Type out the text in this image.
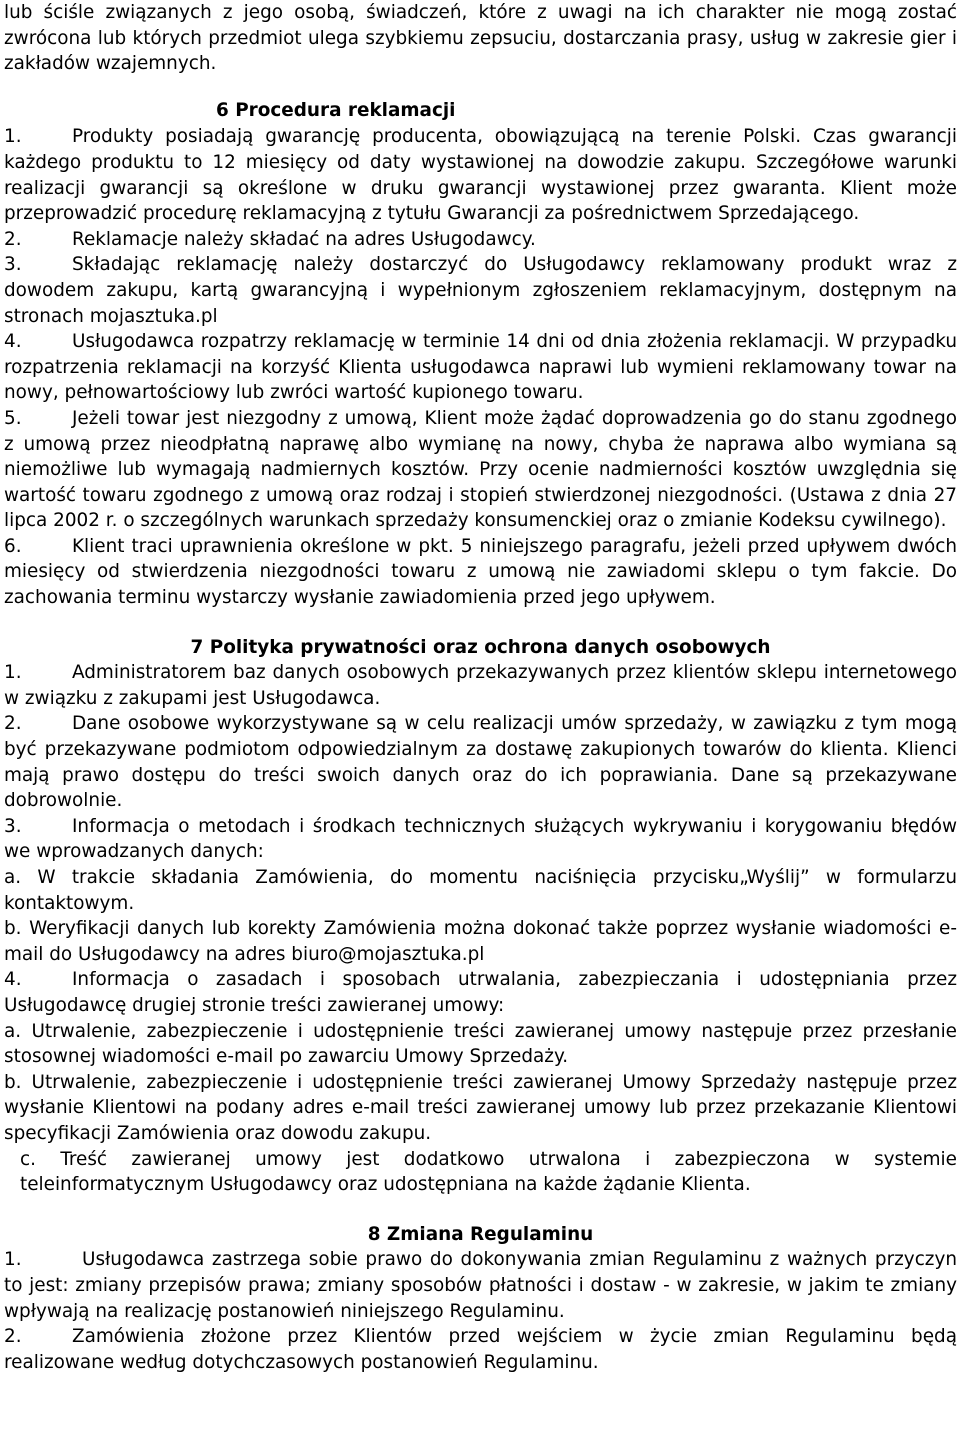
lub ściśle związanych z jego osobą, świadczeń, które z uwagi na ich charakter nie mogą zostać zwrócona lub których przedmiot ulega szybkiemu zepsuciu, dostarczania prasy, usług w zakresie gier i zakładów wzajemnych.

6 Procedura reklamacji

1.	Produkty posiadają gwarancję producenta, obowiązującą na terenie Polski. Czas gwarancji każdego produktu to 12 miesięcy od daty wystawionej na dowodzie zakupu. Szczegółowe warunki realizacji gwarancji są określone w druku gwarancji wystawionej przez gwaranta. Klient może przeprowadzić procedurę reklamacyjną z tytułu Gwarancji za pośrednictwem Sprzedającego.

2.	Reklamacje należy składać na adres Usługodawcy.

3.	Składając reklamację należy dostarczyć do Usługodawcy reklamowany produkt wraz z dowodem zakupu, kartą gwarancyjną i wypełnionym zgłoszeniem reklamacyjnym, dostępnym na stronach mojasztuka.pl

4.	Usługodawca rozpatrzy reklamację w terminie 14 dni od dnia złożenia reklamacji. W przypadku rozpatrzenia reklamacji na korzyść Klienta usługodawca naprawi lub wymieni reklamowany towar na nowy, pełnowartościowy lub zwróci wartość kupionego towaru.

5.	Jeżeli towar jest niezgodny z umową, Klient może żądać doprowadzenia go do stanu zgodnego z umową przez nieodpłatną naprawę albo wymianę na nowy, chyba że naprawa albo wymiana są niemożliwe lub wymagają nadmiernych kosztów. Przy ocenie nadmierności kosztów uwzględnia się wartość towaru zgodnego z umową oraz rodzaj i stopień stwierdzonej niezgodności. (Ustawa z dnia 27 lipca 2002 r. o szczególnych warunkach sprzedaży konsumenckiej oraz o zmianie Kodeksu cywilnego).

6.	Klient traci uprawnienia określone w pkt. 5 niniejszego paragrafu, jeżeli przed upływem dwóch miesięcy od stwierdzenia niezgodności towaru z umową nie zawiadomi sklepu o tym fakcie. Do zachowania terminu wystarczy wysłanie zawiadomienia przed jego upływem.

7 Polityka prywatności oraz ochrona danych osobowych

1.	Administratorem baz danych osobowych przekazywanych przez klientów sklepu internetowego w związku z zakupami jest Usługodawca.

2.	Dane osobowe wykorzystywane są w celu realizacji umów sprzedaży, w zawiązku z tym mogą być przekazywane podmiotom odpowiedzialnym za dostawę zakupionych towarów do klienta. Klienci mają prawo dostępu do treści swoich danych oraz do ich poprawiania. Dane są przekazywane dobrowolnie.

3.	Informacja o metodach i środkach technicznych służących wykrywaniu i korygowaniu błędów we wprowadzanych danych:

a. W trakcie składania Zamówienia, do momentu naciśnięcia przycisku„Wyślij” w formularzu kontaktowym.

b. Weryfikacji danych lub korekty Zamówienia można dokonać także poprzez wysłanie wiadomości e-mail do Usługodawcy na adres biuro@mojasztuka.pl

4.	Informacja o zasadach i sposobach utrwalania, zabezpieczania i udostępniania przez Usługodawcę drugiej stronie treści zawieranej umowy:

a. Utrwalenie, zabezpieczenie i udostępnienie treści zawieranej umowy następuje przez przesłanie stosownej wiadomości e-mail po zawarciu Umowy Sprzedaży.

b. Utrwalenie, zabezpieczenie i udostępnienie treści zawieranej Umowy Sprzedaży następuje przez wysłanie Klientowi na podany adres e-mail treści zawieranej umowy lub przez przekazanie Klientowi specyfikacji Zamówienia oraz dowodu zakupu.

c. Treść zawieranej umowy jest dodatkowo utrwalona i zabezpieczona w systemie teleinformatycznym Usługodawcy oraz udostępniana na każde żądanie Klienta.

8 Zmiana Regulaminu

1.	Usługodawca zastrzega sobie prawo do dokonywania zmian Regulaminu z ważnych przyczyn to jest: zmiany przepisów prawa; zmiany sposobów płatności i dostaw - w zakresie, w jakim te zmiany wpływają na realizację postanowień niniejszego Regulaminu.

2.	Zamówienia złożone przez Klientów przed wejściem w życie zmian Regulaminu będą realizowane według dotychczasowych postanowień Regulaminu.
